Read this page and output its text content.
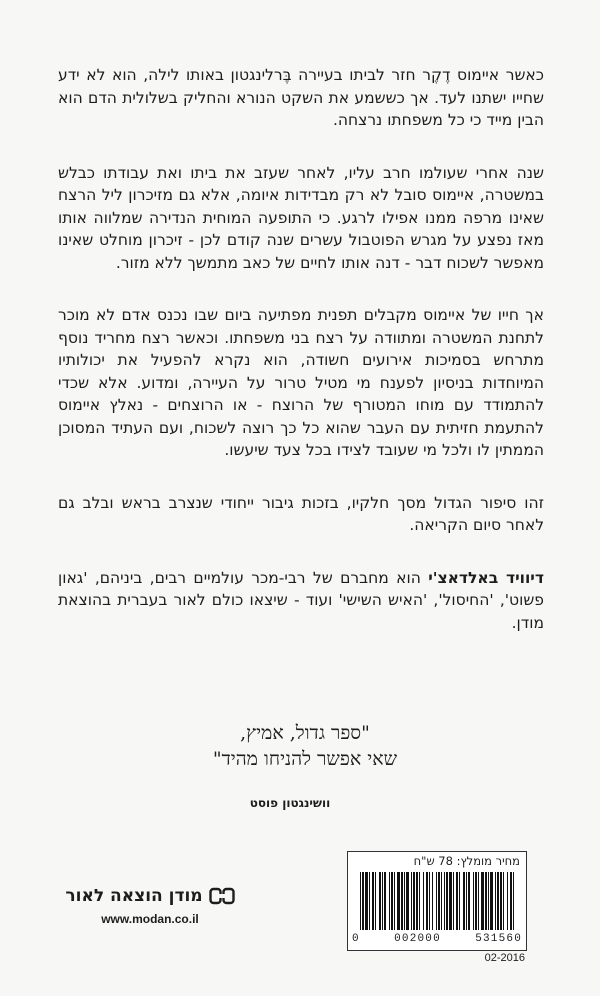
כאשר איימוס דֶקֶר חזר לביתו בעיירה בֶּרלינגטון באותו לילה, הוא לא ידע שחייו ישתנו לעד. אך כששמע את השקט הנורא והחליק בשלולית הדם הוא הבין מייד כי כל משפחתו נרצחה.

שנה אחרי שעולמו חרב עליו, לאחר שעזב את ביתו ואת עבודתו כבלש במשטרה, איימוס סובל לא רק מבדידות איומה, אלא גם מזיכרון ליל הרצח שאינו מרפה ממנו אפילו לרגע. כי התופעה המוחית הנדירה שמלווה אותו מאז נפצע על מגרש הפוטבול עשרים שנה קודם לכן - זיכרון מוחלט שאינו מאפשר לשכוח דבר - דנה אותו לחיים של כאב מתמשך ללא מזור.

אך חייו של איימוס מקבלים תפנית מפתיעה ביום שבו נכנס אדם לא מוכר לתחנת המשטרה ומתוודה על רצח בני משפחתו. וכאשר רצח מחריד נוסף מתרחש בסמיכות אירועים חשודה, הוא נקרא להפעיל את יכולותיו המיוחדות בניסיון לפענח מי מטיל טרור על העיירה, ומדוע. אלא שכדי להתמודד עם מוחו המטורף של הרוצח - או הרוצחים - נאלץ איימוס להתעמת חזיתית עם העבר שהוא כל כך רוצה לשכוח, ועם העתיד המסוכן הממתין לו ולכל מי שעובד לצידו בכל צעד שיעשו.

זהו סיפור הגדול מסך חלקיו, בזכות גיבור ייחודי שנצרב בראש ובלב גם לאחר סיום הקריאה.

דיוויד באלדאצ'י הוא מחברם של רבי-מכר עולמיים רבים, ביניהם, 'גאון פשוט', 'החיסול', 'האיש השישי' ועוד - שיצאו כולם לאור בעברית בהוצאת מודן.

"ספר גדול, אמיץ,
שאי אפשר להניחו מהיד"
וושינגטון פוסט
מודן הוצאה לאור
www.modan.co.il
מחיר מומלץ: 78 ש"ח
0	002000	531560
02-2016
